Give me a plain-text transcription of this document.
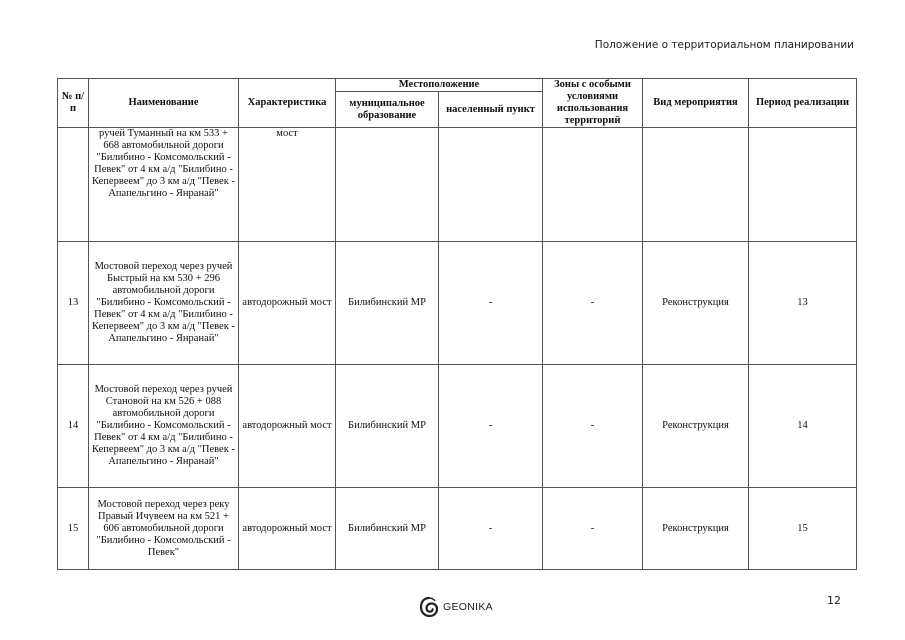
Положение о территориальном планировании
№ п/п	Наименование	Характеристика	Местоположение		Зоны с особыми условиями использования территорий	Вид мероприятия	Период реализации
			муниципальное образование	населенный пункт			
	ручей Туманный на км 533 + 668 автомобильной дороги "Билибино - Комсомольский - Певек" от 4 км а/д "Билибино - Кепервеем" до 3 км а/д "Певек - Апапельгино - Янранай"	мост					
13	Мостовой переход через ручей Быстрый на км 530 + 296 автомобильной дороги "Билибино - Комсомольский - Певек" от 4 км а/д "Билибино - Кепервеем" до 3 км а/д "Певек - Апапельгино - Янранай"	автодорожный мост	Билибинский МР	-	-	Реконструкция	13
14	Мостовой переход через ручей Становой на км 526 + 088 автомобильной дороги "Билибино - Комсомольский - Певек" от 4 км а/д "Билибино - Кепервеем" до 3 км а/д "Певек - Апапельгино - Янранай"	автодорожный мост	Билибинский МР	-	-	Реконструкция	14
15	Мостовой переход через реку Правый Ичувеем на км 521 + 606 автомобильной дороги "Билибино - Комсомольский - Певек"	автодорожный мост	Билибинский МР	-	-	Реконструкция	15
GEONIKA	12
